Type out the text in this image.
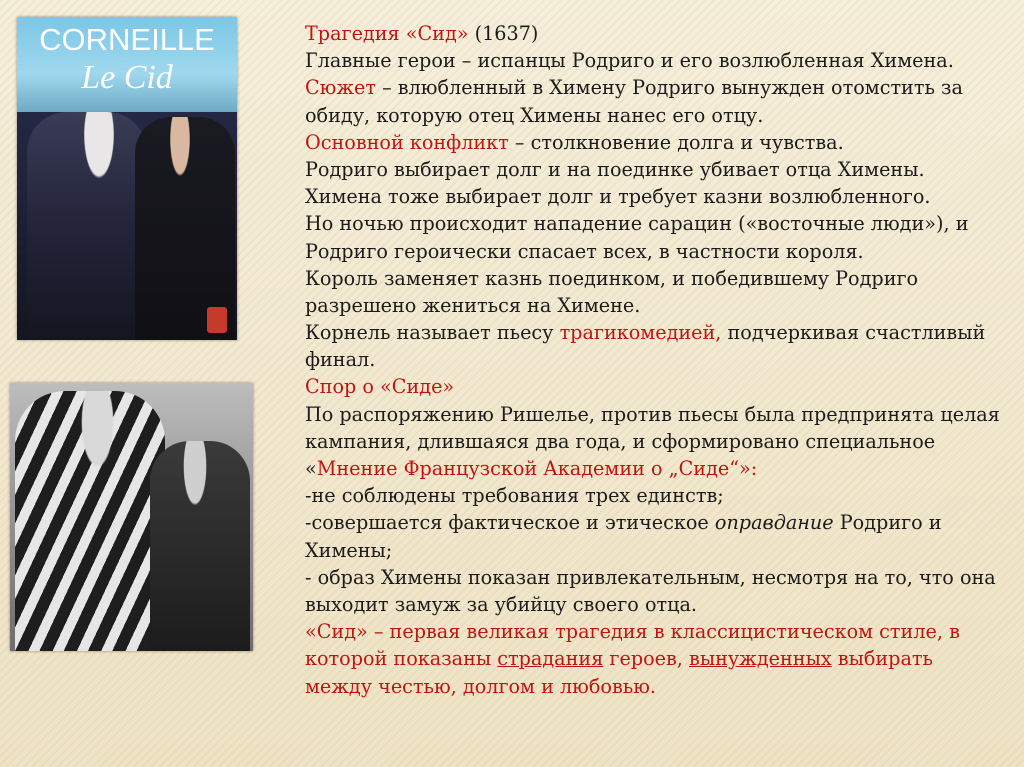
CORNEILLE
Le Cid
Трагедия «Сид» (1637)
Главные герои – испанцы Родриго и его возлюбленная Химена.
Сюжет – влюбленный в Химену Родриго вынужден отомстить за
обиду, которую отец Химены нанес его отцу.
Основной конфликт – столкновение долга и чувства.
Родриго выбирает долг и на поединке убивает отца Химены.
Химена тоже выбирает долг и требует казни возлюбленного.
Но ночью происходит нападение сарацин («восточные люди»), и
Родриго героически спасает всех, в частности короля.
Король заменяет казнь поединком, и победившему Родриго
разрешено жениться на Химене.
Корнель называет пьесу трагикомедией, подчеркивая счастливый
финал.
Спор о «Сиде»
По распоряжению Ришелье, против пьесы была предпринята целая
кампания, длившаяся два года, и сформировано специальное
«Мнение Французской Академии о „Сиде“»:
-не соблюдены требования трех единств;
-совершается фактическое и этическое оправдание Родриго и
Химены;
- образ Химены показан привлекательным, несмотря на то, что она
выходит замуж за убийцу своего отца.
«Сид» – первая великая трагедия в классицистическом стиле, в
которой показаны страдания героев, вынужденных выбирать
между честью, долгом и любовью.
